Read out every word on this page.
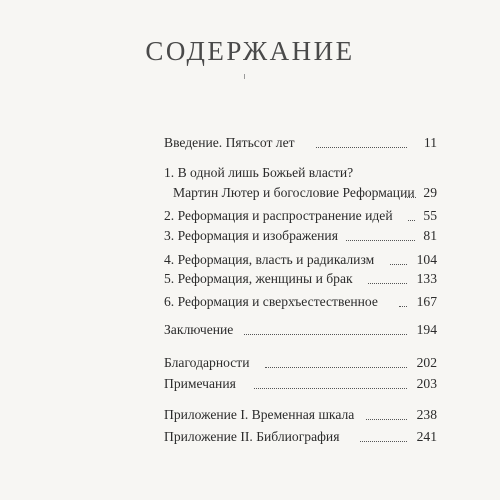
СОДЕРЖАНИЕ
Введение. Пятьсот лет	11
1. В одной лишь Божьей власти?
Мартин Лютер и богословие Реформации 29
2. Реформация и распространение идей 55
3. Реформация и изображения	81
4. Реформация, власть и радикализм	104
5. Реформация, женщины и брак	133
6. Реформация и сверхъестественное	167
Заключение	194
Благодарности	202
Примечания	203
Приложение I. Временная шкала	238
Приложение II. Библиография	241
